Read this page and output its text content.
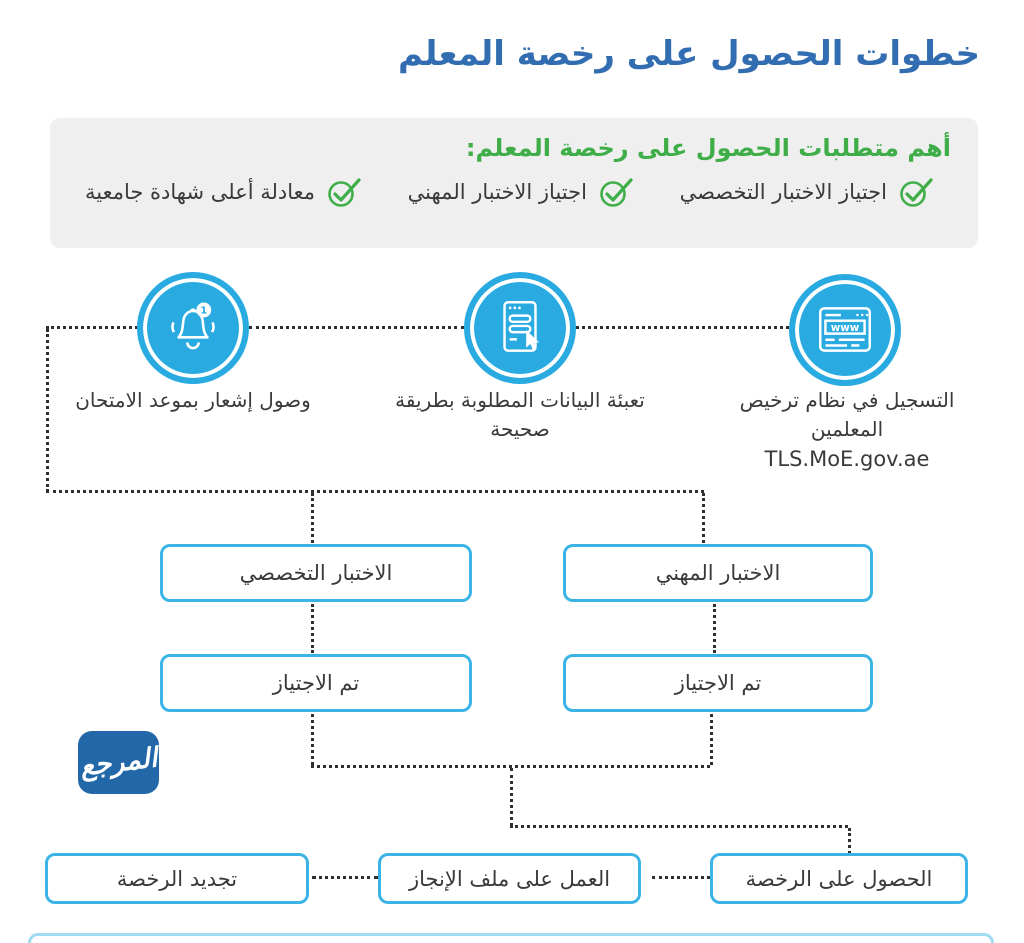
خطوات الحصول على رخصة المعلم
أهم متطلبات الحصول على رخصة المعلم:
اجتياز الاختبار التخصصي
اجتياز الاختبار المهني
معادلة أعلى شهادة جامعية
www
التسجيل في نظام ترخيص المعلمين
TLS.MoE.gov.ae
تعبئة البيانات المطلوبة بطريقة
صحيحة
1
وصول إشعار بموعد الامتحان
الاختبار المهني
الاختبار التخصصي
تم الاجتياز
تم الاجتياز
الحصول على الرخصة
العمل على ملف الإنجاز
تجديد الرخصة
المرجع
